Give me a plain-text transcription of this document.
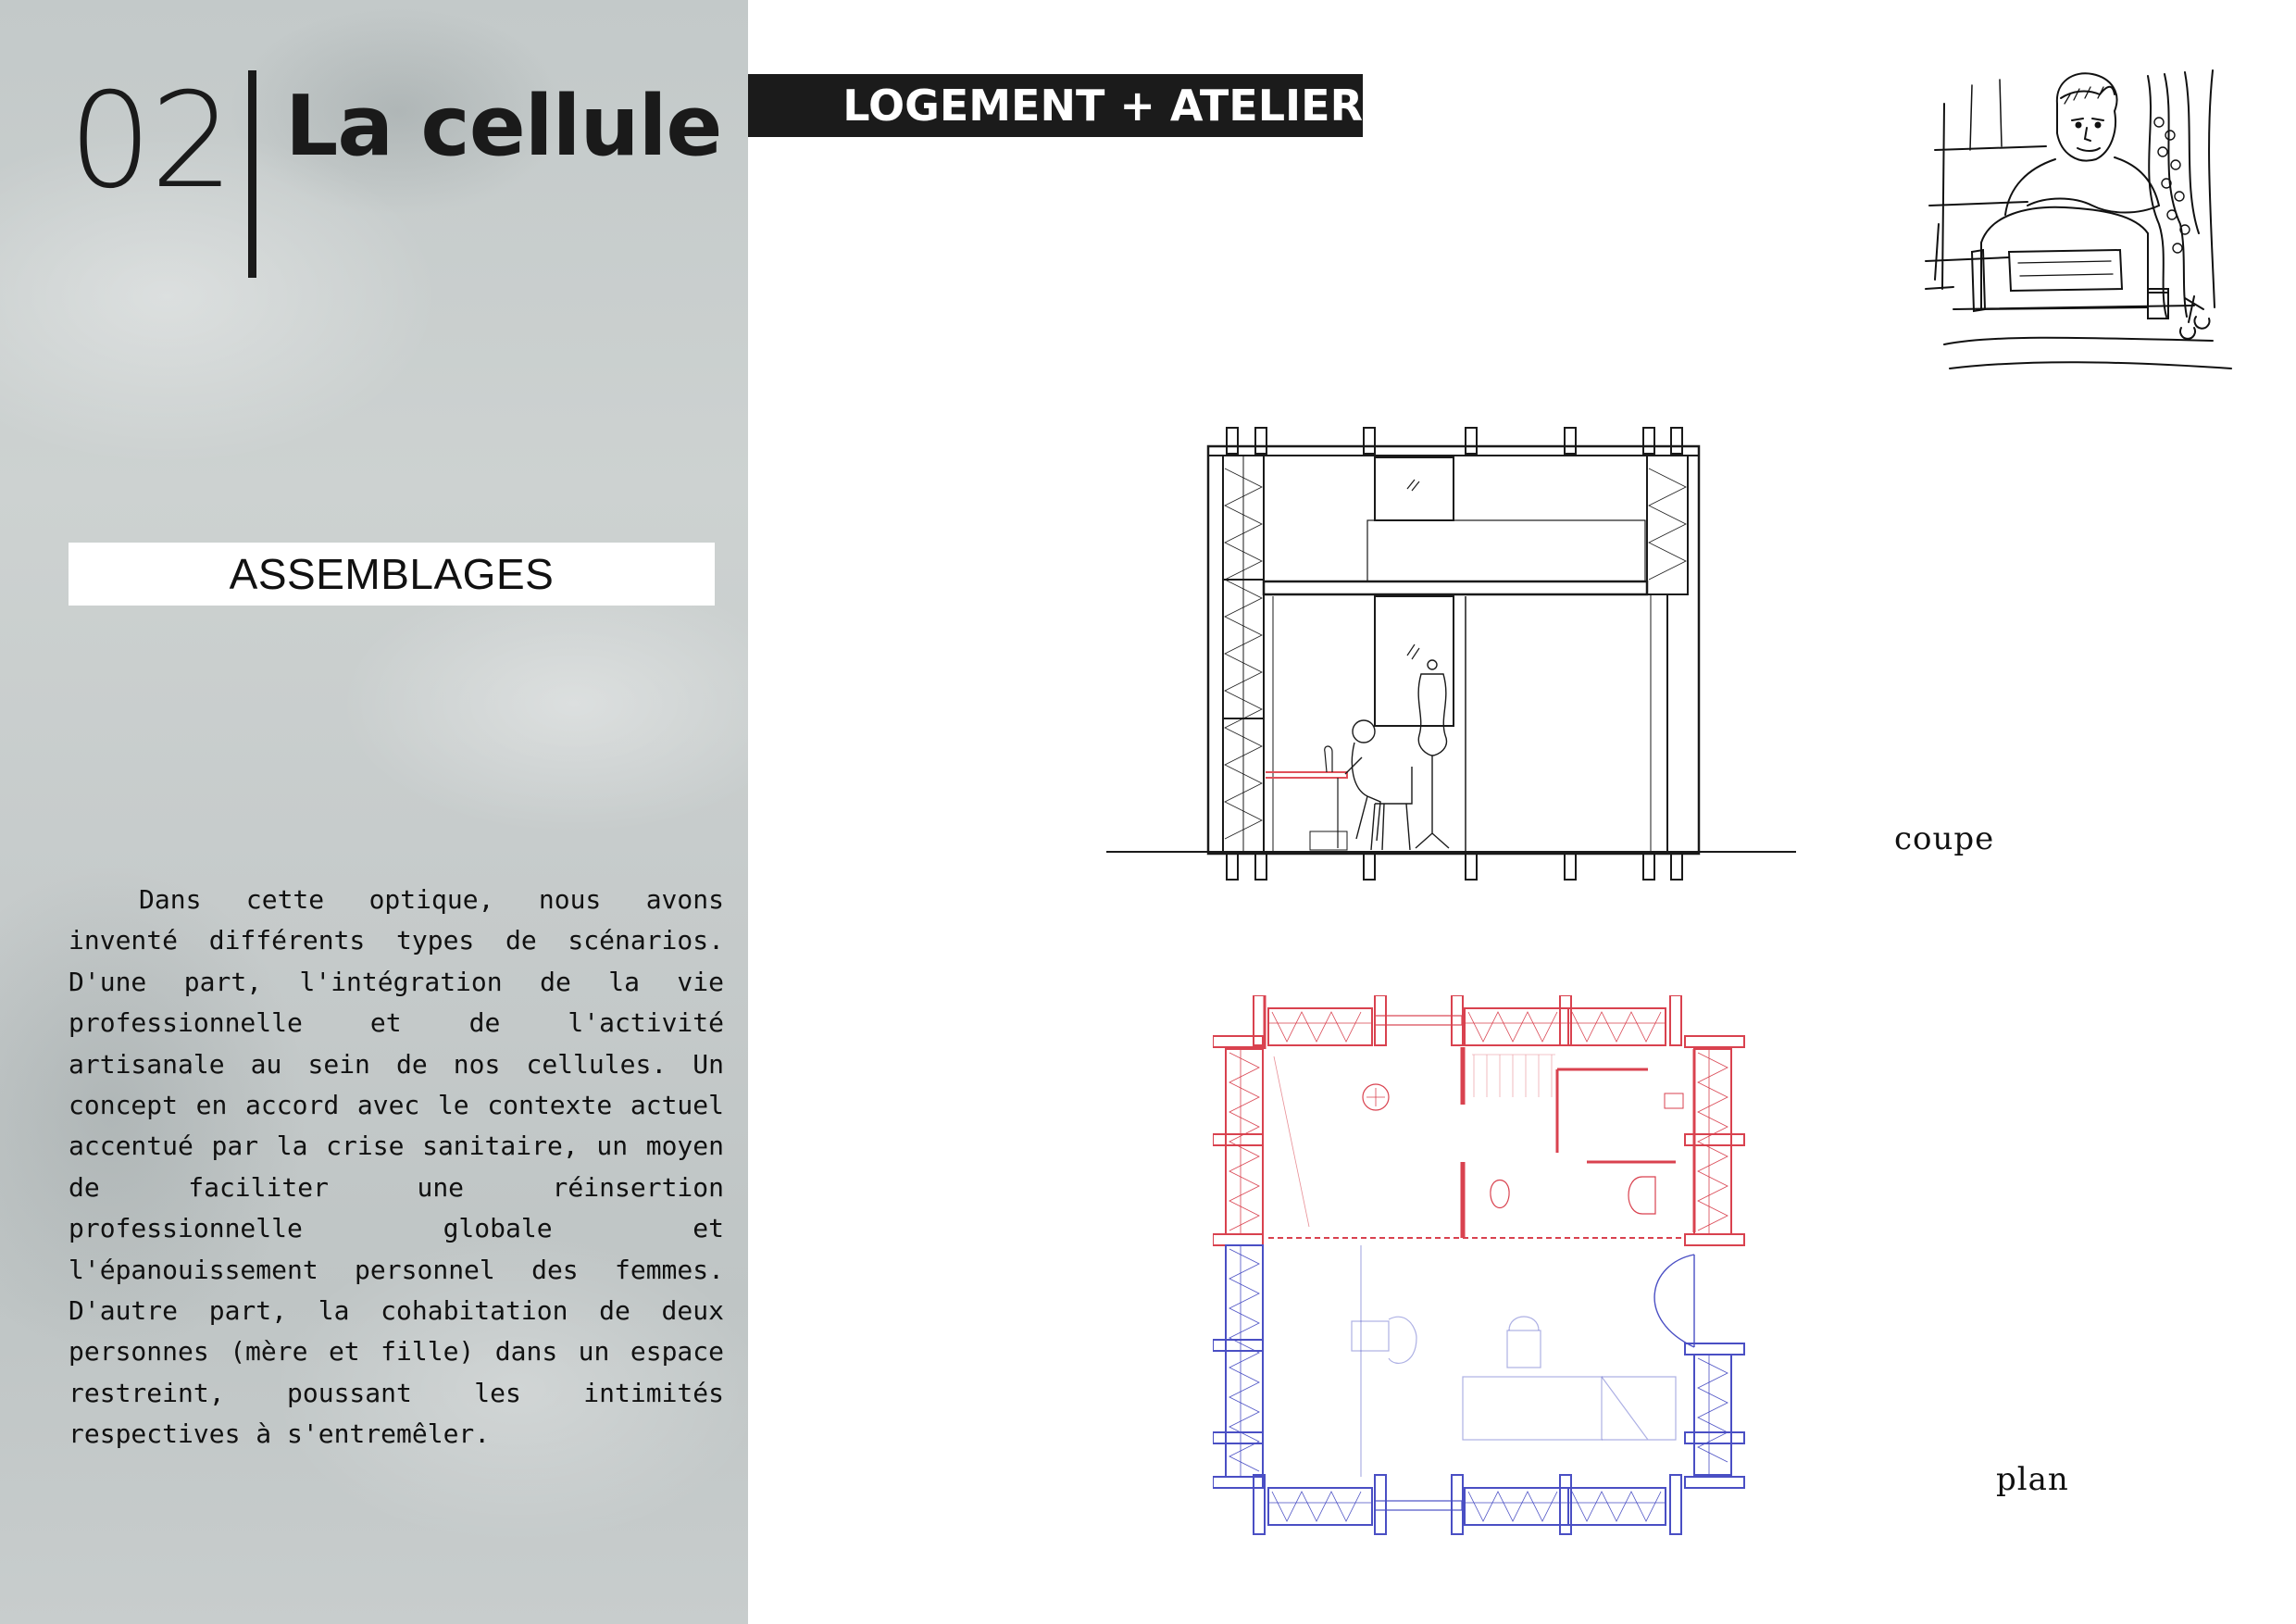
02 La cellule
ASSEMBLAGES
Dans cette optique, nous avons inventé différents types de scénarios. D'une part, l'intégration de la vie professionnelle et de l'activité artisanale au sein de nos cellules. Un concept en accord avec le contexte actuel accentué par la crise sanitaire, un moyen de faciliter une réinsertion professionnelle globale et l'épanouissement personnel des femmes. D'autre part, la cohabitation de deux personnes (mère et fille) dans un espace restreint, poussant les intimités respectives à s'entremêler.
LOGEMENT + ATELIER
coupe
plan
